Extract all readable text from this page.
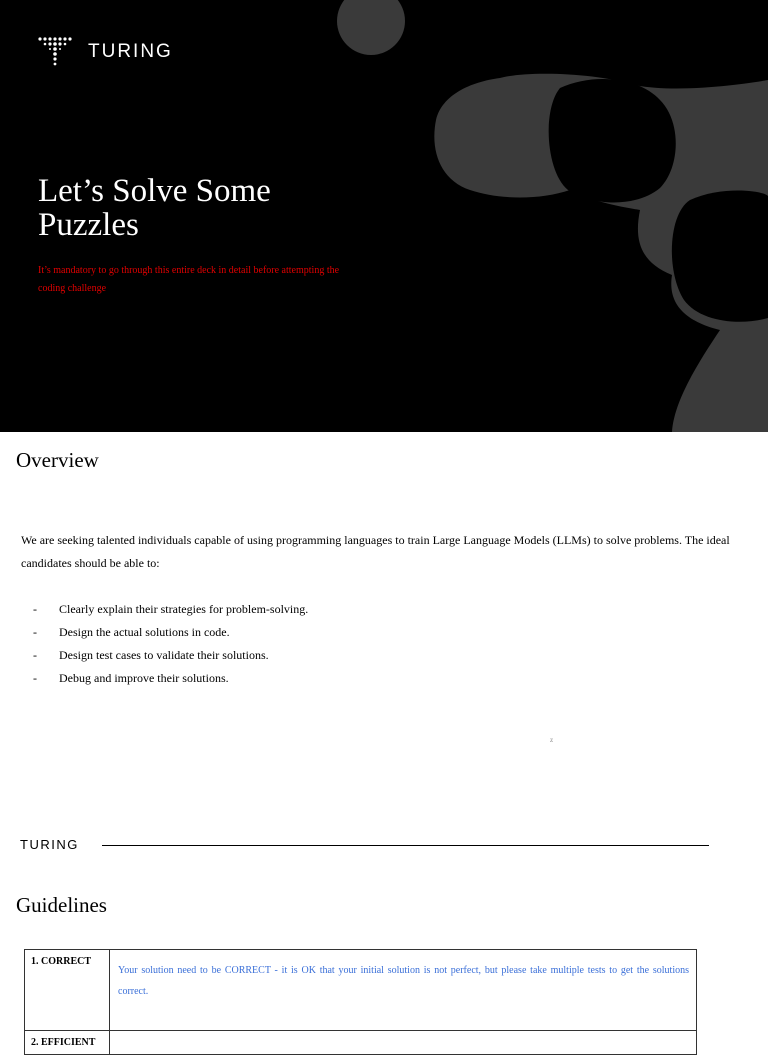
TURING
Let’s Solve Some Puzzles

It’s mandatory to go through this entire deck in detail before attempting the coding challenge

Overview

We are seeking talented individuals capable of using programming languages to train Large Language Models (LLMs) to solve problems. The ideal candidates should be able to:

-	Clearly explain their strategies for problem-solving.
-	Design the actual solutions in code.
-	Design test cases to validate their solutions.
-	Debug and improve their solutions.
z
TURING
Guidelines
1. CORRECT	Your solution need to be CORRECT - it is OK that your initial solution is not perfect, but please take multiple tests to get the solutions correct.
2. EFFICIENT	
